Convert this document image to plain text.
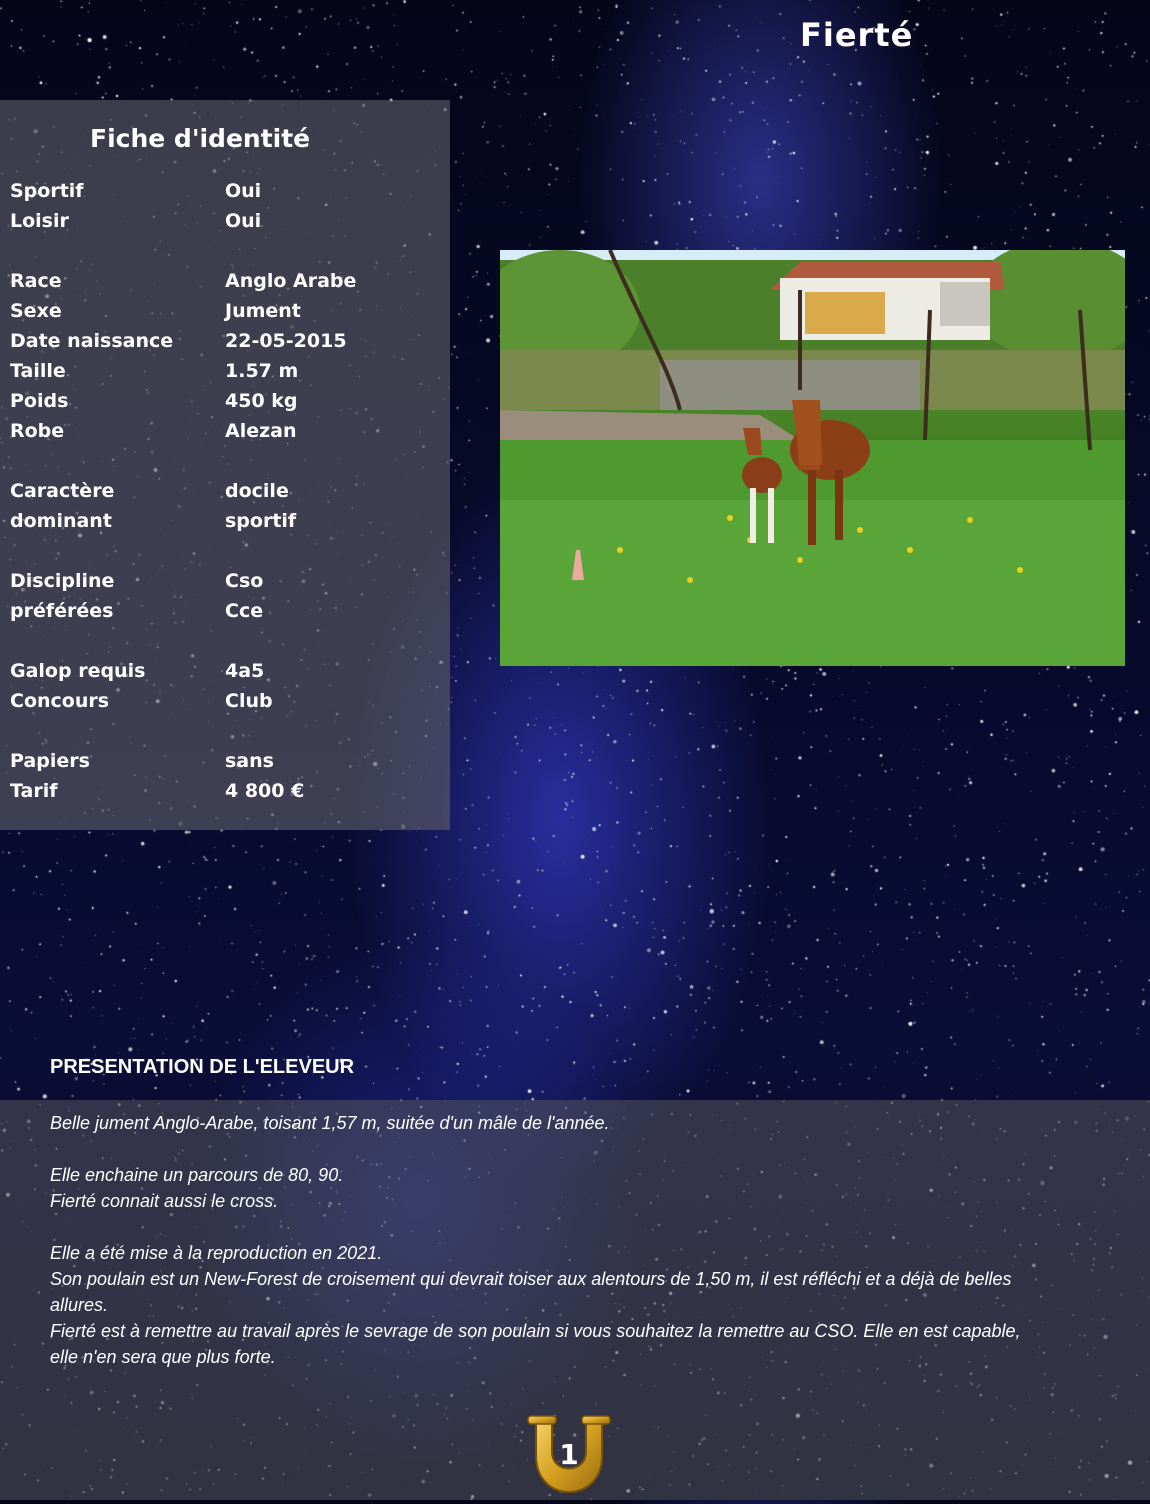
Fierté
Fiche d'identité
Sportif	Oui
Loisir	Oui
Race	Anglo Arabe
Sexe	Jument
Date naissance	22-05-2015
Taille	1.57 m
Poids	450 kg
Robe	Alezan
Caractère	docile
dominant	sportif
Discipline	Cso
préférées	Cce
Galop requis	4a5
Concours	Club
Papiers	sans
Tarif	4 800 €
PRESENTATION DE L'ELEVEUR

Belle jument Anglo-Arabe, toisant 1,57 m, suitée d'un mâle de l'année.

Elle enchaine un parcours de 80, 90.
Fierté connait aussi le cross.

Elle a été mise à la reproduction en 2021.
Son poulain est un New-Forest de croisement qui devrait toiser aux alentours de 1,50 m, il est réfléchi et a déjà de belles allures.
Fierté est à remettre au travail après le sevrage de son poulain si vous souhaitez la remettre au CSO. Elle en est capable, elle n'en sera que plus forte.

1
